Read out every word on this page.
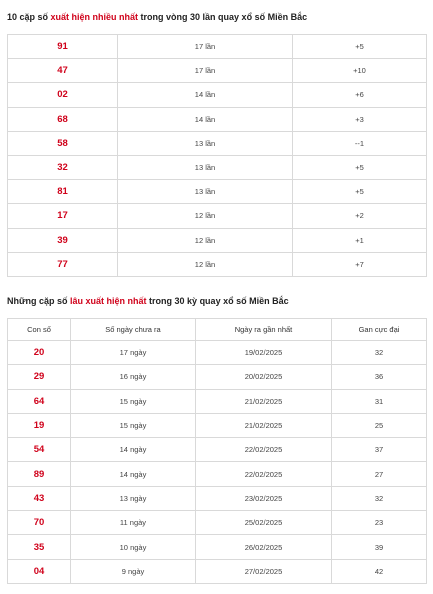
10 cặp số xuất hiện nhiều nhất trong vòng 30 lần quay xổ số Miền Bắc
91	17 lần	+5
47	17 lần	+10
02	14 lần	+6
68	14 lần	+3
58	13 lần	--1
32	13 lần	+5
81	13 lần	+5
17	12 lần	+2
39	12 lần	+1
77	12 lần	+7
Những cặp số lâu xuất hiện nhất trong 30 kỳ quay xổ số Miền Bắc
Con số	Số ngày chưa ra	Ngày ra gần nhất	Gan cực đại
20	17 ngày	19/02/2025	32
29	16 ngày	20/02/2025	36
64	15 ngày	21/02/2025	31
19	15 ngày	21/02/2025	25
54	14 ngày	22/02/2025	37
89	14 ngày	22/02/2025	27
43	13 ngày	23/02/2025	32
70	11 ngày	25/02/2025	23
35	10 ngày	26/02/2025	39
04	9 ngày	27/02/2025	42
